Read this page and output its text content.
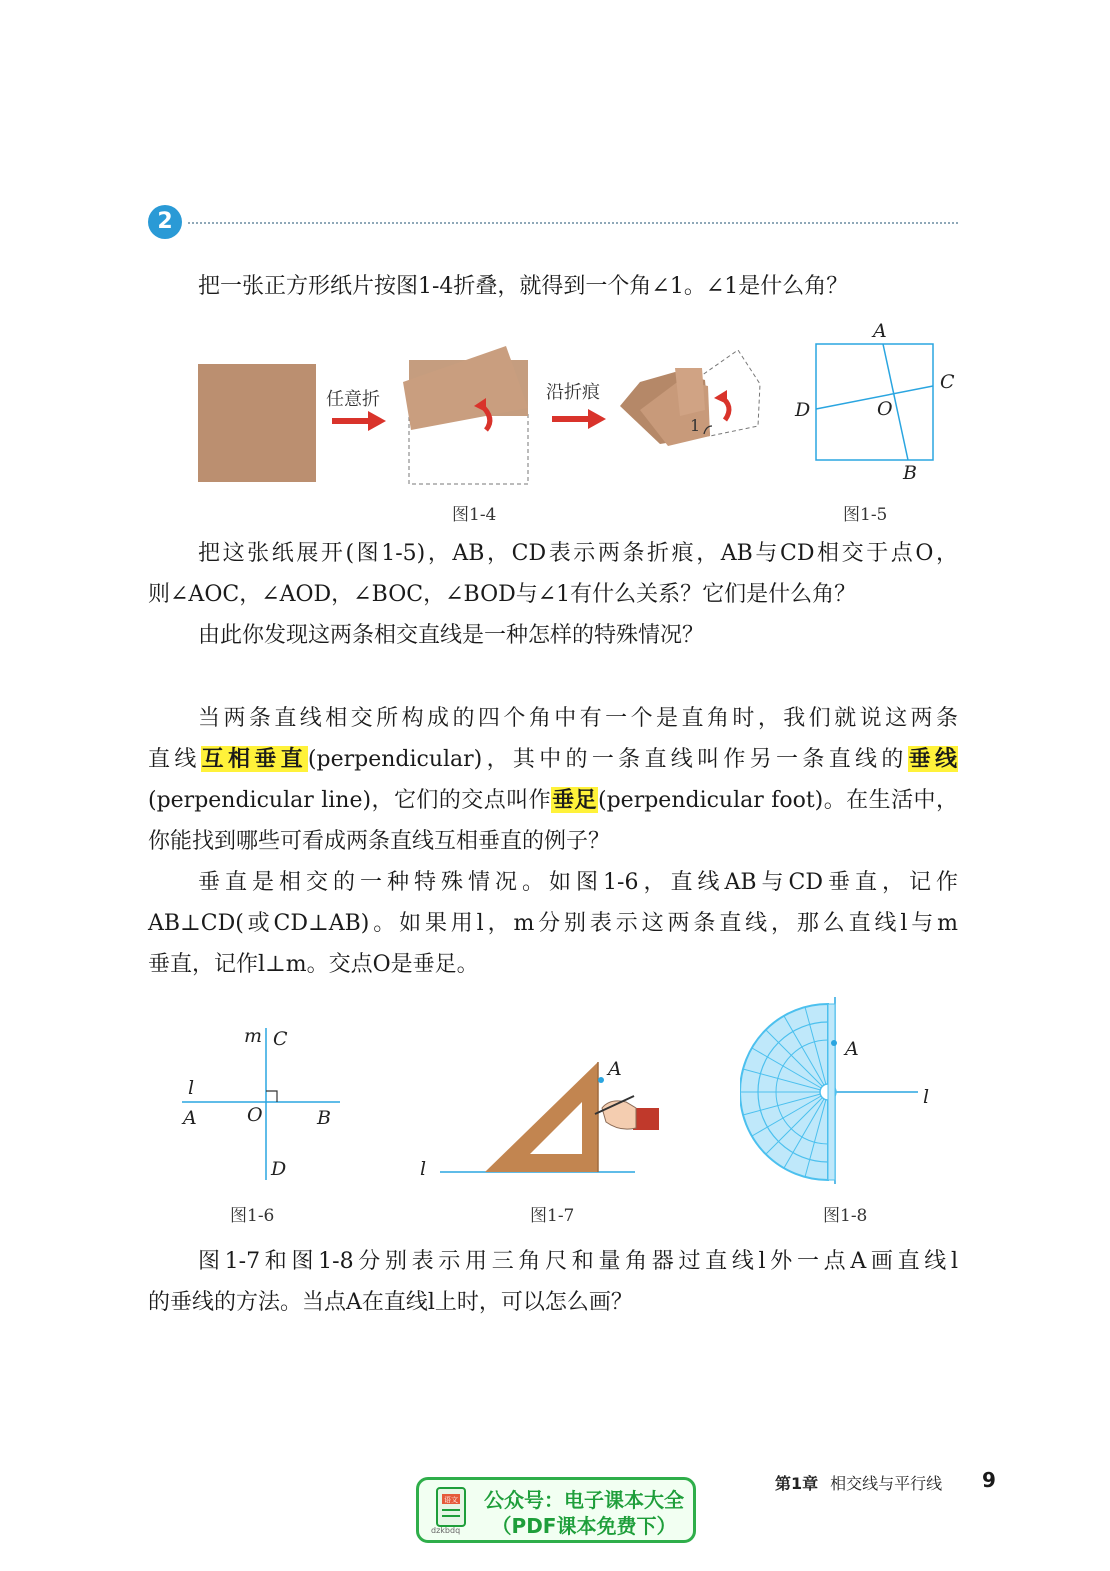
2

把一张正方形纸片按图1-4折叠，就得到一个角∠1。∠1是什么角？

任意折	沿折痕
1
图1-4
A
B
C
D	O
图1-5

把这张纸展开(图1-5)，AB，CD表示两条折痕，AB与CD相交于点O，

则∠AOC，∠AOD，∠BOC，∠BOD与∠1有什么关系？它们是什么角？

由此你发现这两条相交直线是一种怎样的特殊情况？

当两条直线相交所构成的四个角中有一个是直角时，我们就说这两条
直线互相垂直(perpendicular)，其中的一条直线叫作另一条直线的垂线
(perpendicular line)，它们的交点叫作垂足(perpendicular foot)。在生活中，

你能找到哪些可看成两条直线互相垂直的例子？

垂直是相交的一种特殊情况。如图1-6，直线AB与CD垂直，记作
AB⊥CD(或CD⊥AB)。如果用l，m分别表示这两条直线，那么直线l与m

垂直，记作l⊥m。交点O是垂足。

m C
l
A	O	B
D
图1-6
A
l
图1-7
A
l
图1-8

图1-7和图1-8分别表示用三角尺和量角器过直线l外一点A画直线l

的垂线的方法。当点A在直线l上时，可以怎么画？

第1章 相交线与平行线 9
语文
dzkbdq
公众号：电子课本大全
（PDF课本免费下）
